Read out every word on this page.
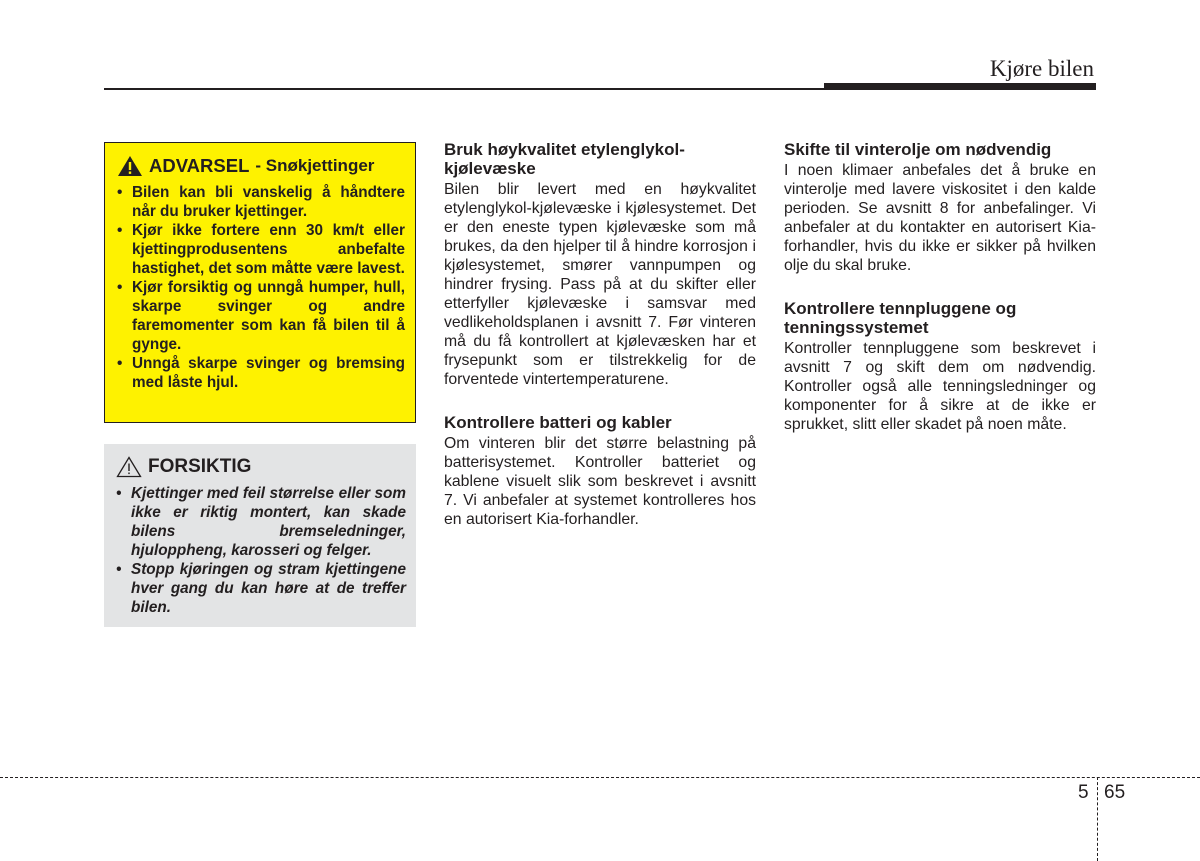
Kjøre bilen
ADVARSEL - Snøkjettinger
• Bilen kan bli vanskelig å håndtere når du bruker kjettinger.
• Kjør ikke fortere enn 30 km/t eller kjettingprodusentens anbefalte hastighet, det som måtte være lavest.
• Kjør forsiktig og unngå humper, hull, skarpe svinger og andre faremomenter som kan få bilen til å gynge.
• Unngå skarpe svinger og bremsing med låste hjul.
FORSIKTIG
• Kjettinger med feil størrelse eller som ikke er riktig montert, kan skade bilens bremseledninger, hjuloppheng, karosseri og felger.
• Stopp kjøringen og stram kjettingene hver gang du kan høre at de treffer bilen.
Bruk høykvalitet etylenglykol-kjølevæske

Bilen blir levert med en høykvalitet etylenglykol-kjølevæske i kjølesystemet. Det er den eneste typen kjølevæske som må brukes, da den hjelper til å hindre korrosjon i kjølesystemet, smører vannpumpen og hindrer frysing. Pass på at du skifter eller etterfyller kjølevæske i samsvar med vedlikeholdsplanen i avsnitt 7. Før vinteren må du få kontrollert at kjølevæsken har et frysepunkt som er tilstrekkelig for de forventede vintertemperaturene.

Kontrollere batteri og kabler

Om vinteren blir det større belastning på batterisystemet. Kontroller batteriet og kablene visuelt slik som beskrevet i avsnitt 7. Vi anbefaler at systemet kontrolleres hos en autorisert Kia-forhandler.

Skifte til vinterolje om nødvendig

I noen klimaer anbefales det å bruke en vinterolje med lavere viskositet i den kalde perioden. Se avsnitt 8 for anbefalinger. Vi anbefaler at du kontakter en autorisert Kia-forhandler, hvis du ikke er sikker på hvilken olje du skal bruke.

Kontrollere tennpluggene og tenningssystemet

Kontroller tennpluggene som beskrevet i avsnitt 7 og skift dem om nødvendig. Kontroller også alle tenningsledninger og komponenter for å sikre at de ikke er sprukket, slitt eller skadet på noen måte.

5 65
